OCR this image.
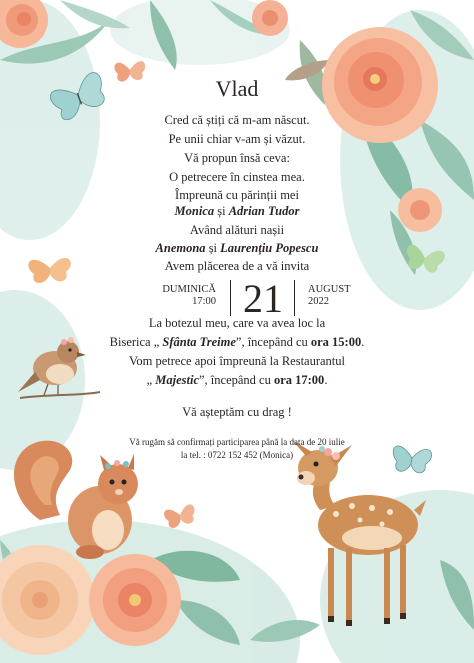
Vlad
Cred că știți că m-am născut.
Pe unii chiar v-am și văzut.
Vă propun însă ceva:
O petrecere în cinstea mea.
Împreună cu părinții mei
Monica și Adrian Tudor
Având alături nașii
Anemona și Laurențiu Popescu
Avem plăcerea de a vă invita
DUMINICĂ
17:00 21	AUGUST
2022
La botezul meu, care va avea loc la
Biserica „ Sfânta Treime”, începând cu ora 15:00.
Vom petrece apoi împreună la Restaurantul
„ Majestic”, începând cu ora 17:00.
Vă așteptăm cu drag !
Vă rugăm să confirmați participarea până la data de 20 iulie
la tel. : 0722 152 452 (Monica)
